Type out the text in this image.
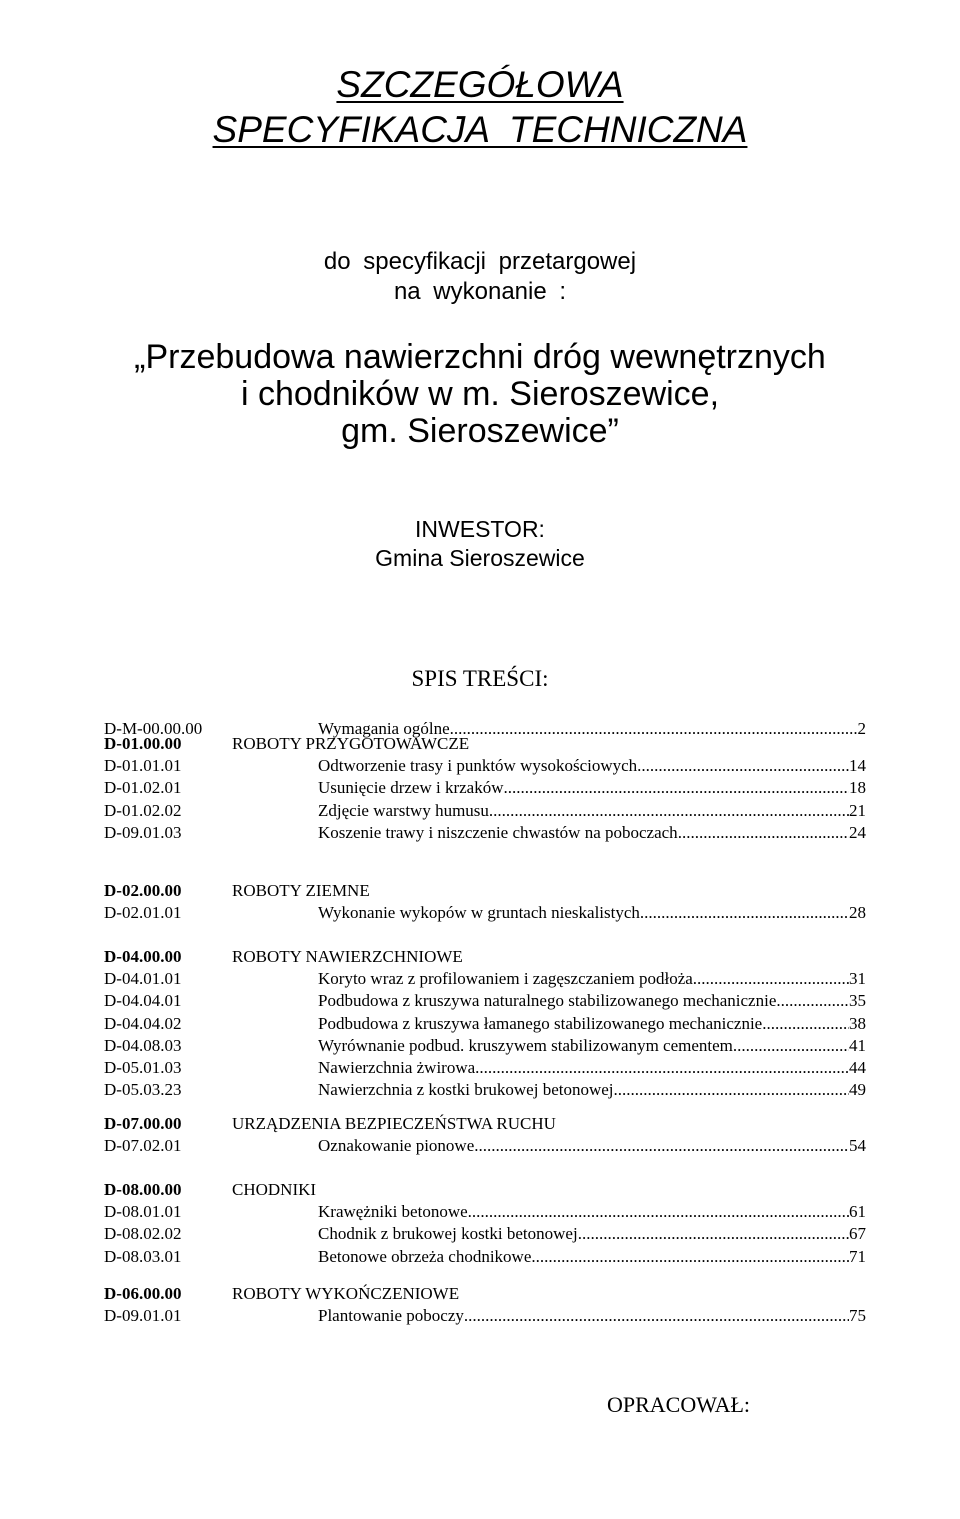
SZCZEGÓŁOWA
SPECYFIKACJA TECHNICZNA
do specyfikacji przetargowej
na wykonanie :
„Przebudowa nawierzchni dróg wewnętrznych
i chodników w m. Sieroszewice,
gm. Sieroszewice”
INWESTOR:
Gmina Sieroszewice
SPIS TREŚCI:
D-M-00.00.00	Wymagania ogólne .....	2
D-01.00.00	ROBOTY PRZYGOTOWAWCZE
D-01.01.01	Odtworzenie trasy i punktów wysokościowych .....	14
D-01.02.01	Usunięcie drzew i krzaków .....	18
D-01.02.02	Zdjęcie warstwy humusu .....	21
D-09.01.03	Koszenie trawy i niszczenie chwastów na poboczach .....	24
D-02.00.00	ROBOTY ZIEMNE
D-02.01.01	Wykonanie wykopów w gruntach nieskalistych .....	28
D-04.00.00	ROBOTY NAWIERZCHNIOWE
D-04.01.01	Koryto wraz z profilowaniem i zagęszczaniem podłoża .....	31
D-04.04.01	Podbudowa z kruszywa naturalnego stabilizowanego mechanicznie .....	35
D-04.04.02	Podbudowa z kruszywa łamanego stabilizowanego mechanicznie .....	38
D-04.08.03	Wyrównanie podbud. kruszywem stabilizowanym cementem .....	41
D-05.01.03	Nawierzchnia żwirowa .....	44
D-05.03.23	Nawierzchnia z kostki brukowej betonowej .....	49
D-07.00.00	URZĄDZENIA BEZPIECZEŃSTWA RUCHU
D-07.02.01	Oznakowanie pionowe .....	54
D-08.00.00	CHODNIKI
D-08.01.01	Krawężniki betonowe .....	61
D-08.02.02	Chodnik z brukowej kostki betonowej .....	67
D-08.03.01	Betonowe obrzeża chodnikowe .....	71
D-06.00.00	ROBOTY WYKOŃCZENIOWE
D-09.01.01	Plantowanie poboczy .....	75
OPRACOWAŁ:
